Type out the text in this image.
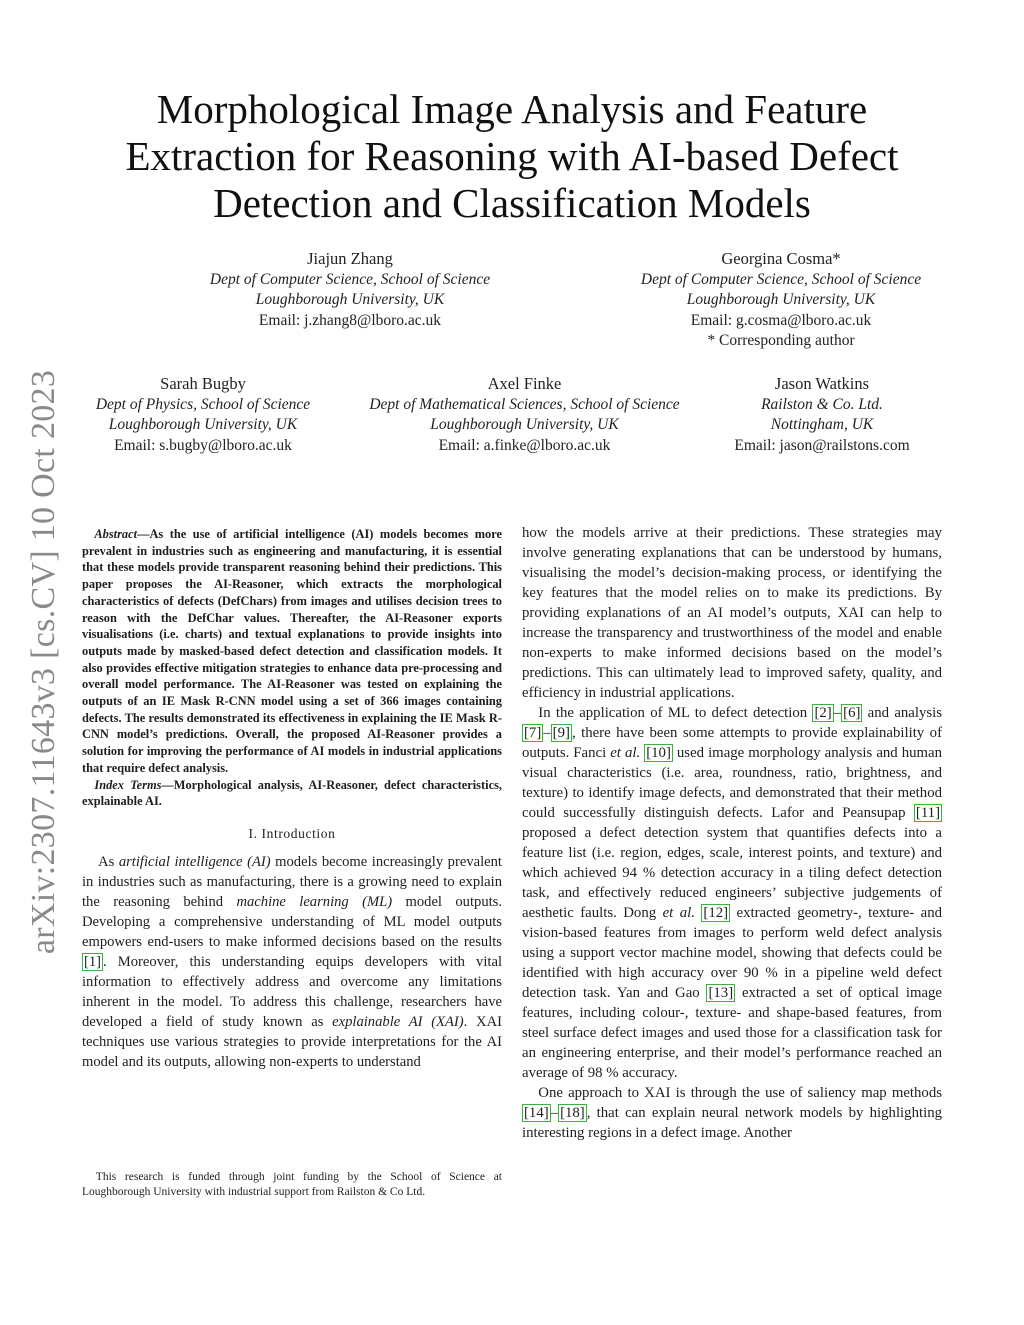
arXiv:2307.11643v3 [cs.CV] 10 Oct 2023
Morphological Image Analysis and Feature Extraction for Reasoning with AI-based Defect Detection and Classification Models
Jiajun Zhang
Dept of Computer Science, School of Science
Loughborough University, UK
Email: j.zhang8@lboro.ac.uk
Georgina Cosma*
Dept of Computer Science, School of Science
Loughborough University, UK
Email: g.cosma@lboro.ac.uk
* Corresponding author
Sarah Bugby
Dept of Physics, School of Science
Loughborough University, UK
Email: s.bugby@lboro.ac.uk
Axel Finke
Dept of Mathematical Sciences, School of Science
Loughborough University, UK
Email: a.finke@lboro.ac.uk
Jason Watkins
Railston & Co. Ltd.
Nottingham, UK
Email: jason@railstons.com

Abstract—As the use of artificial intelligence (AI) models becomes more prevalent in industries such as engineering and manufacturing, it is essential that these models provide transparent reasoning behind their predictions. This paper proposes the AI-Reasoner, which extracts the morphological characteristics of defects (DefChars) from images and utilises decision trees to reason with the DefChar values. Thereafter, the AI-Reasoner exports visualisations (i.e. charts) and textual explanations to provide insights into outputs made by masked-based defect detection and classification models. It also provides effective mitigation strategies to enhance data pre-processing and overall model performance. The AI-Reasoner was tested on explaining the outputs of an IE Mask R-CNN model using a set of 366 images containing defects. The results demonstrated its effectiveness in explaining the IE Mask R-CNN model’s predictions. Overall, the proposed AI-Reasoner provides a solution for improving the performance of AI models in industrial applications that require defect analysis.

Index Terms—Morphological analysis, AI-Reasoner, defect characteristics, explainable AI.

I. Introduction

As artificial intelligence (AI) models become increasingly prevalent in industries such as manufacturing, there is a growing need to explain the reasoning behind machine learning (ML) model outputs. Developing a comprehensive understanding of ML model outputs empowers end-users to make informed decisions based on the results [1] . Moreover, this understanding equips developers with vital information to effectively address and overcome any limitations inherent in the model. To address this challenge, researchers have developed a field of study known as explainable AI (XAI). XAI techniques use various strategies to provide interpretations for the AI model and its outputs, allowing non-experts to understand

This research is funded through joint funding by the School of Science at Loughborough University with industrial support from Railston & Co Ltd.

how the models arrive at their predictions. These strategies may involve generating explanations that can be understood by humans, visualising the model’s decision-making process, or identifying the key features that the model relies on to make its predictions. By providing explanations of an AI model’s outputs, XAI can help to increase the transparency and trustworthiness of the model and enable non-experts to make informed decisions based on the model’s predictions. This can ultimately lead to improved safety, quality, and efficiency in industrial applications.

In the application of ML to defect detection [2] – [6] and analysis [7] – [9] , there have been some attempts to provide explainability of outputs. Fanci et al. [10] used image morphology analysis and human visual characteristics (i.e. area, roundness, ratio, brightness, and texture) to identify image defects, and demonstrated that their method could successfully distinguish defects. Lafor and Peansupap [11] proposed a defect detection system that quantifies defects into a feature list (i.e. region, edges, scale, interest points, and texture) and which achieved 94 % detection accuracy in a tiling defect detection task, and effectively reduced engineers’ subjective judgements of aesthetic faults. Dong et al. [12] extracted geometry-, texture- and vision-based features from images to perform weld defect analysis using a support vector machine model, showing that defects could be identified with high accuracy over 90 % in a pipeline weld defect detection task. Yan and Gao [13] extracted a set of optical image features, including colour-, texture- and shape-based features, from steel surface defect images and used those for a classification task for an engineering enterprise, and their model’s performance reached an average of 98 % accuracy.

One approach to XAI is through the use of saliency map methods [14] – [18] , that can explain neural network models by highlighting interesting regions in a defect image. Another
